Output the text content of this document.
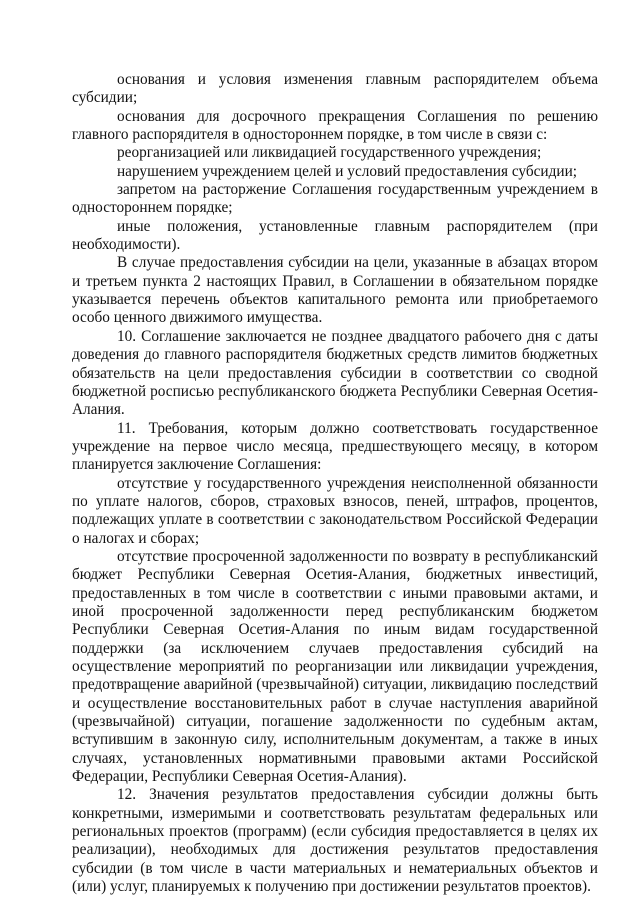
основания и условия изменения главным распорядителем объема субсидии;

основания для досрочного прекращения Соглашения по решению главного распорядителя в одностороннем порядке, в том числе в связи с:

реорганизацией или ликвидацией государственного учреждения;

нарушением учреждением целей и условий предоставления субсидии;

запретом на расторжение Соглашения государственным учреждением в одностороннем порядке;

иные положения, установленные главным распорядителем (при необходимости).

В случае предоставления субсидии на цели, указанные в абзацах втором и третьем пункта 2 настоящих Правил, в Соглашении в обязательном порядке указывается перечень объектов капитального ремонта или приобретаемого особо ценного движимого имущества.

10. Соглашение заключается не позднее двадцатого рабочего дня с даты доведения до главного распорядителя бюджетных средств лимитов бюджетных обязательств на цели предоставления субсидии в соответствии со сводной бюджетной росписью республиканского бюджета Республики Северная Осетия-Алания.

11. Требования, которым должно соответствовать государственное учреждение на первое число месяца, предшествующего месяцу, в котором планируется заключение Соглашения:

отсутствие у государственного учреждения неисполненной обязанности по уплате налогов, сборов, страховых взносов, пеней, штрафов, процентов, подлежащих уплате в соответствии с законодательством Российской Федерации о налогах и сборах;

отсутствие просроченной задолженности по возврату в республиканский бюджет Республики Северная Осетия-Алания, бюджетных инвестиций, предоставленных в том числе в соответствии с иными правовыми актами, и иной просроченной задолженности перед республиканским бюджетом Республики Северная Осетия-Алания по иным видам государственной поддержки (за исключением случаев предоставления субсидий на осуществление мероприятий по реорганизации или ликвидации учреждения, предотвращение аварийной (чрезвычайной) ситуации, ликвидацию последствий и осуществление восстановительных работ в случае наступления аварийной (чрезвычайной) ситуации, погашение задолженности по судебным актам, вступившим в законную силу, исполнительным документам, а также в иных случаях, установленных нормативными правовыми актами Российской Федерации, Республики Северная Осетия-Алания).

12. Значения результатов предоставления субсидии должны быть конкретными, измеримыми и соответствовать результатам федеральных или региональных проектов (программ) (если субсидия предоставляется в целях их реализации), необходимых для достижения результатов предоставления субсидии (в том числе в части материальных и нематериальных объектов и (или) услуг, планируемых к получению при достижении результатов проектов).
